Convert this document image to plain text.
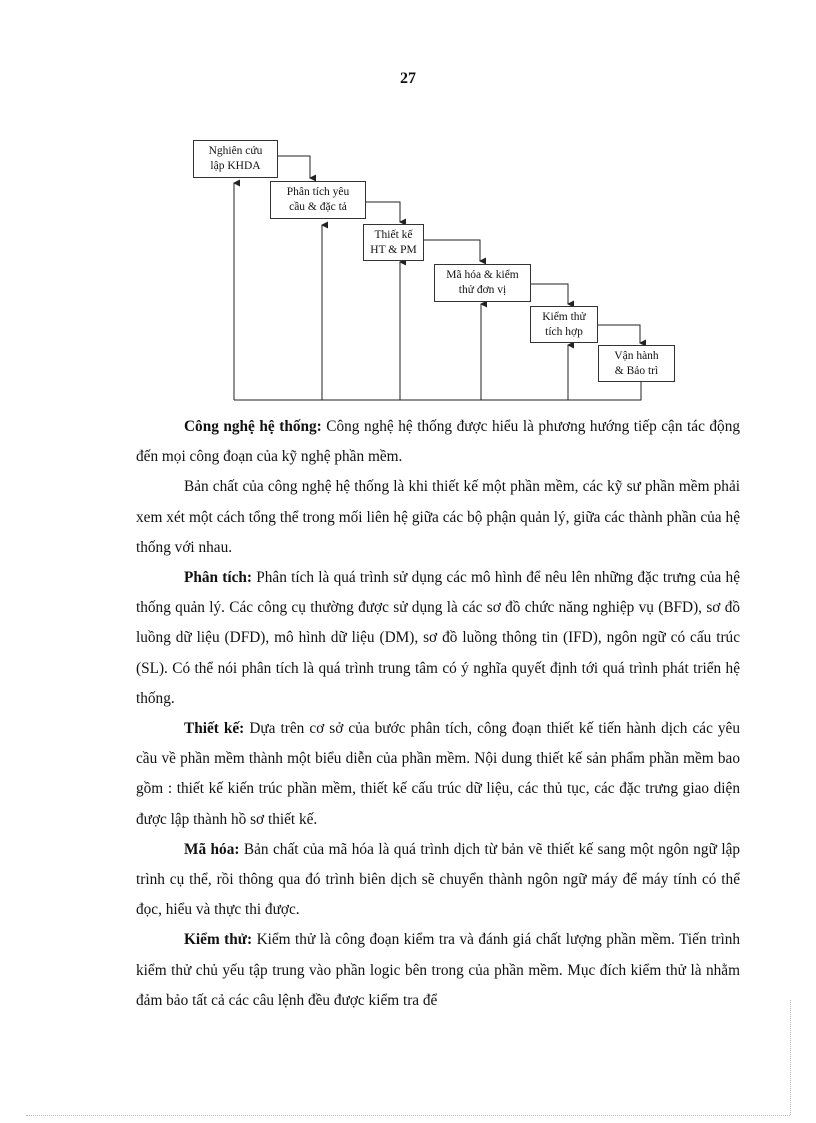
27
Nghiên cứu
lập KHDA
Phân tích yêu
cầu & đặc tả
Thiết kế
HT & PM
Mã hóa & kiểm
thử đơn vị
Kiểm thử
tích hợp
Vận hành
& Bảo trì

Công nghệ hệ thống: Công nghệ hệ thống được hiểu là phương hướng tiếp cận tác động đến mọi công đoạn của kỹ nghệ phần mềm.

Bản chất của công nghệ hệ thống là khi thiết kế một phần mềm, các kỹ sư phần mềm phải xem xét một cách tổng thể trong mối liên hệ giữa các bộ phận quản lý, giữa các thành phần của hệ thống với nhau.

Phân tích: Phân tích là quá trình sử dụng các mô hình để nêu lên những đặc trưng của hệ thống quản lý. Các công cụ thường được sử dụng là các sơ đồ chức năng nghiệp vụ (BFD), sơ đồ luồng dữ liệu (DFD), mô hình dữ liệu (DM), sơ đồ luồng thông tin (IFD), ngôn ngữ có cấu trúc (SL). Có thể nói phân tích là quá trình trung tâm có ý nghĩa quyết định tới quá trình phát triển hệ thống.

Thiết kế: Dựa trên cơ sở của bước phân tích, công đoạn thiết kế tiến hành dịch các yêu cầu về phần mềm thành một biểu diễn của phần mềm. Nội dung thiết kế sản phẩm phần mềm bao gồm : thiết kế kiến trúc phần mềm, thiết kế cấu trúc dữ liệu, các thủ tục, các đặc trưng giao diện được lập thành hồ sơ thiết kế.

Mã hóa: Bản chất của mã hóa là quá trình dịch từ bản vẽ thiết kế sang một ngôn ngữ lập trình cụ thể, rồi thông qua đó trình biên dịch sẽ chuyển thành ngôn ngữ máy để máy tính có thể đọc, hiểu và thực thi được.

Kiểm thử: Kiểm thử là công đoạn kiểm tra và đánh giá chất lượng phần mềm. Tiến trình kiểm thử chủ yếu tập trung vào phần logic bên trong của phần mềm. Mục đích kiểm thử là nhằm đảm bảo tất cả các câu lệnh đều được kiểm tra để
